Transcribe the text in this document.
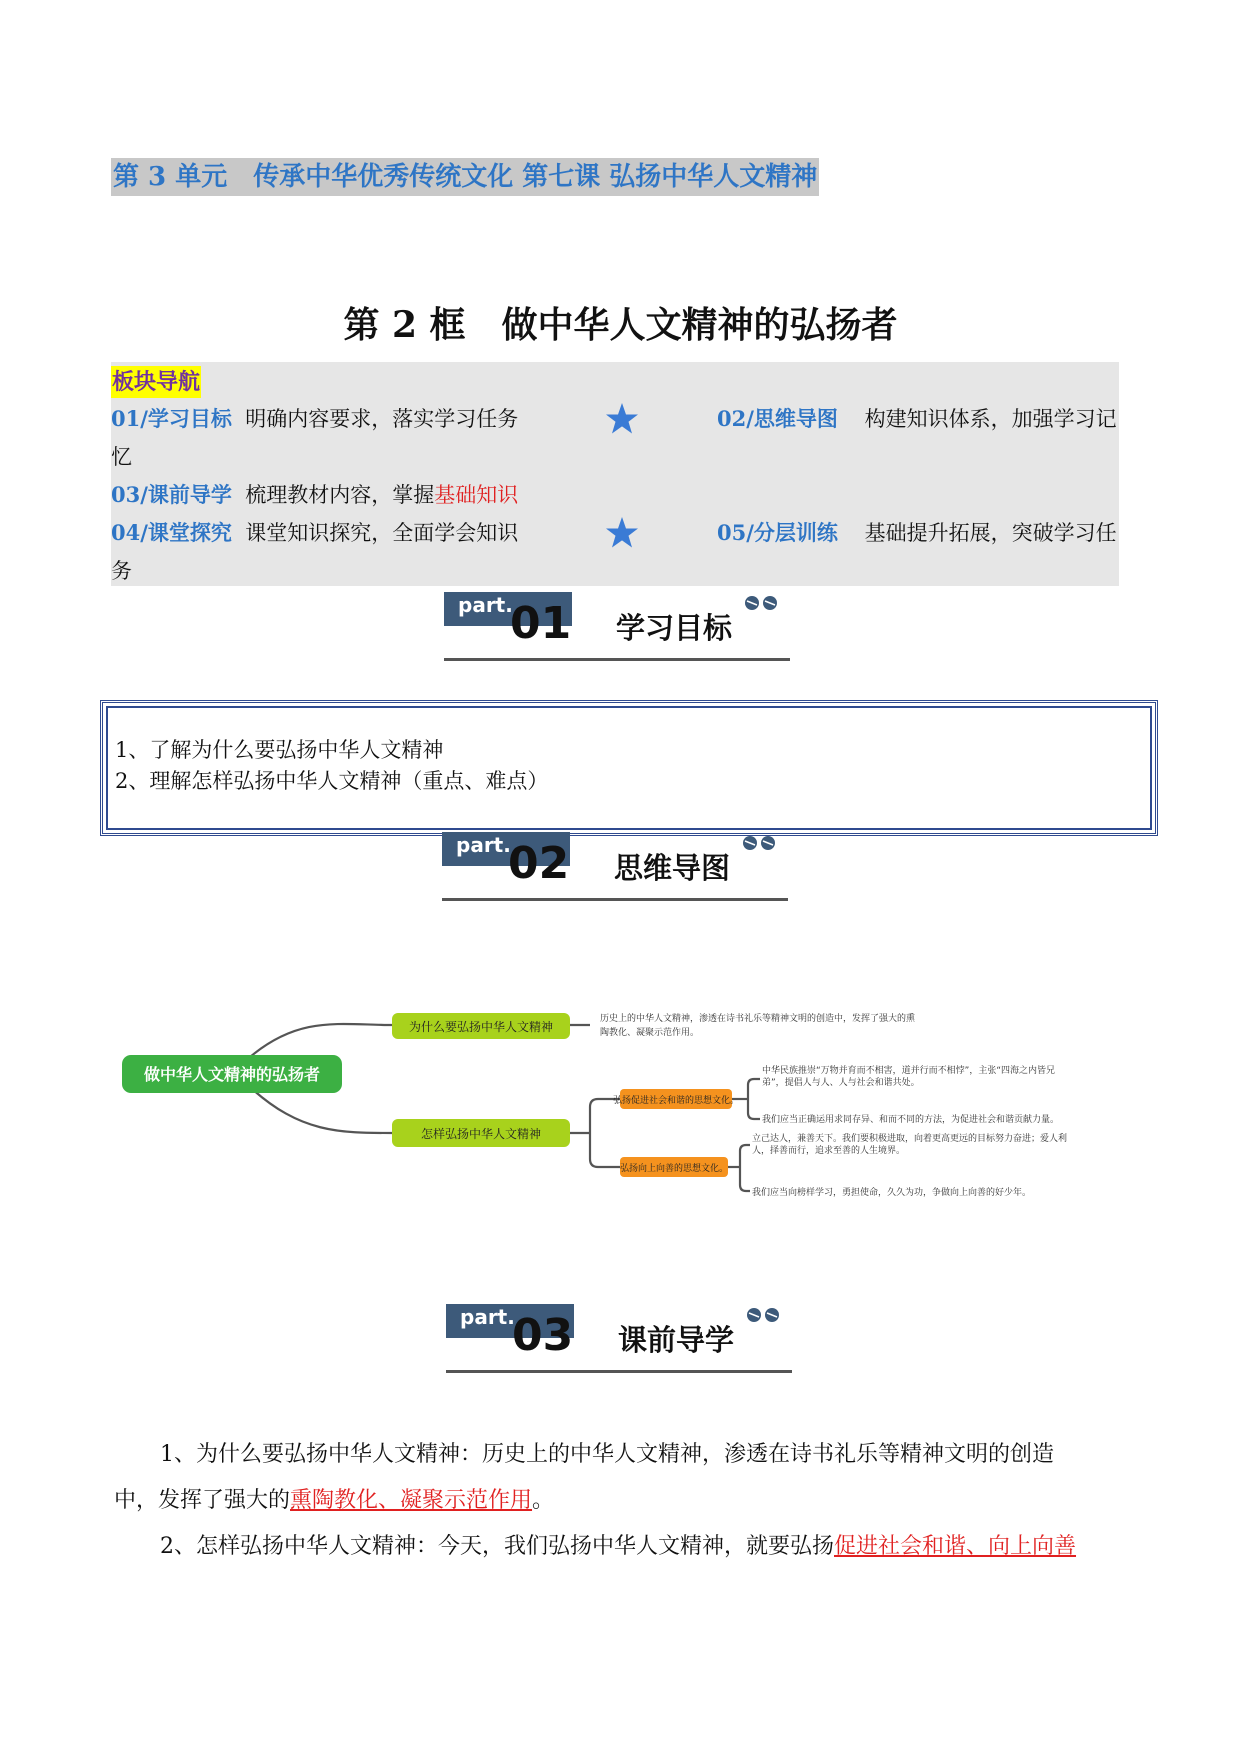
第 3 单元　传承中华优秀传统文化 第七课 弘扬中华人文精神
第 2 框　做中华人文精神的弘扬者
板块导航
01/学习目标 明确内容要求，落实学习任务	02/思维导图 构建知识体系，加强学习记
忆
03/课前导学 梳理教材内容，掌握基础知识
04/课堂探究 课堂知识探究，全面学会知识	05/分层训练 基础提升拓展，突破学习任
务
part.
01 学习目标
1、了解为什么要弘扬中华人文精神
2、理解怎样弘扬中华人文精神（重点、难点）
part.
02 思维导图
做中华人文精神的弘扬者
为什么要弘扬中华人文精神
历史上的中华人文精神，渗透在诗书礼乐等精神文明的创造中，发挥了强大的熏
陶教化、凝聚示范作用。
怎样弘扬中华人文精神
弘扬促进社会和谐的思想文化。
中华民族推崇“万物并育而不相害，道并行而不相悖”，主张“四海之内皆兄
弟”，提倡人与人、人与社会和谐共处。
我们应当正确运用求同存异、和而不同的方法，为促进社会和谐贡献力量。
弘扬向上向善的思想文化。
立己达人，兼善天下。我们要积极进取，向着更高更远的目标努力奋进；爱人利
人，择善而行，追求至善的人生境界。
我们应当向榜样学习，勇担使命，久久为功，争做向上向善的好少年。
part.
03 课前导学
1、为什么要弘扬中华人文精神：历史上的中华人文精神，渗透在诗书礼乐等精神文明的创造
中，发挥了强大的熏陶教化、凝聚示范作用。
2、怎样弘扬中华人文精神：今天，我们弘扬中华人文精神，就要弘扬促进社会和谐、向上向善
